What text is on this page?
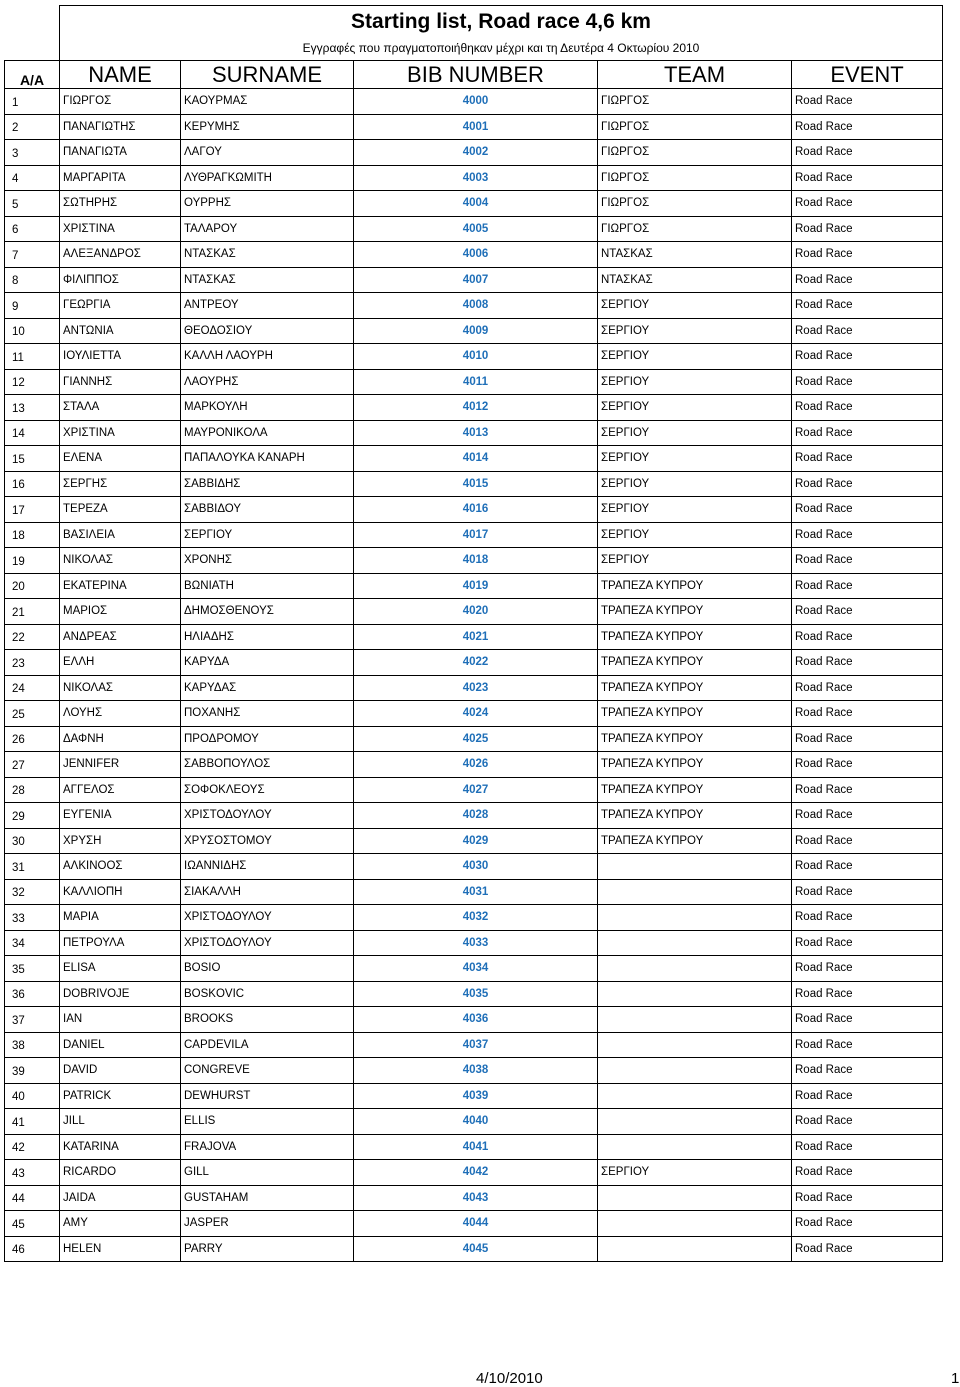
	Starting list, Road race 4,6 km				
	Εγγραφές που πραγματοποιήθηκαν μέχρι και τη Δευτέρα 4 Οκτωρίου 2010				
A/A	NAME	SURNAME	BIB NUMBER	TEAM	EVENT
1	ΓΙΩΡΓΟΣ	ΚΑΟΥΡΜΑΣ	4000	ΓΙΩΡΓΟΣ	Road Race
2	ΠΑΝΑΓΙΩΤΗΣ	ΚΕΡΥΜΗΣ	4001	ΓΙΩΡΓΟΣ	Road Race
3	ΠΑΝΑΓΙΩΤΑ	ΛΑΓΟΥ	4002	ΓΙΩΡΓΟΣ	Road Race
4	ΜΑΡΓΑΡΙΤΑ	ΛΥΘΡΑΓΚΩΜΙΤΗ	4003	ΓΙΩΡΓΟΣ	Road Race
5	ΣΩΤΗΡΗΣ	ΟΥΡΡΗΣ	4004	ΓΙΩΡΓΟΣ	Road Race
6	ΧΡΙΣΤΙΝΑ	ΤΑΛΑΡΟΥ	4005	ΓΙΩΡΓΟΣ	Road Race
7	ΑΛΕΞΑΝΔΡΟΣ	ΝΤΑΣΚΑΣ	4006	ΝΤΑΣΚΑΣ	Road Race
8	ΦΙΛΙΠΠΟΣ	ΝΤΑΣΚΑΣ	4007	ΝΤΑΣΚΑΣ	Road Race
9	ΓΕΩΡΓΙΑ	ΑΝΤΡΕΟΥ	4008	ΣΕΡΓΙΟΥ	Road Race
10	ΑΝΤΩΝΙΑ	ΘΕΟΔΟΣΙΟΥ	4009	ΣΕΡΓΙΟΥ	Road Race
11	ΙΟΥΛΙΕΤΤΑ	ΚΑΛΛΗ ΛΑΟΥΡΗ	4010	ΣΕΡΓΙΟΥ	Road Race
12	ΓΙΑΝΝΗΣ	ΛΑΟΥΡΗΣ	4011	ΣΕΡΓΙΟΥ	Road Race
13	ΣΤΑΛΑ	ΜΑΡΚΟΥΛΗ	4012	ΣΕΡΓΙΟΥ	Road Race
14	ΧΡΙΣΤΙΝΑ	ΜΑΥΡΟΝΙΚΟΛΑ	4013	ΣΕΡΓΙΟΥ	Road Race
15	ΕΛΕΝΑ	ΠΑΠΑΛΟΥΚΑ ΚΑΝΑΡΗ	4014	ΣΕΡΓΙΟΥ	Road Race
16	ΣΕΡΓΗΣ	ΣΑΒΒΙΔΗΣ	4015	ΣΕΡΓΙΟΥ	Road Race
17	ΤΕΡΕΖΑ	ΣΑΒΒΙΔΟΥ	4016	ΣΕΡΓΙΟΥ	Road Race
18	ΒΑΣΙΛΕΙΑ	ΣΕΡΓΙΟΥ	4017	ΣΕΡΓΙΟΥ	Road Race
19	ΝΙΚΟΛΑΣ	ΧΡΟΝΗΣ	4018	ΣΕΡΓΙΟΥ	Road Race
20	ΕΚΑΤΕΡΙΝΑ	ΒΩΝΙΑΤΗ	4019	ΤΡΑΠΕΖΑ ΚΥΠΡΟΥ	Road Race
21	ΜΑΡΙΟΣ	ΔΗΜΟΣΘΕΝΟΥΣ	4020	ΤΡΑΠΕΖΑ ΚΥΠΡΟΥ	Road Race
22	ΑΝΔΡΕΑΣ	ΗΛΙΑΔΗΣ	4021	ΤΡΑΠΕΖΑ ΚΥΠΡΟΥ	Road Race
23	ΕΛΛΗ	ΚΑΡΥΔΑ	4022	ΤΡΑΠΕΖΑ ΚΥΠΡΟΥ	Road Race
24	ΝΙΚΟΛΑΣ	ΚΑΡΥΔΑΣ	4023	ΤΡΑΠΕΖΑ ΚΥΠΡΟΥ	Road Race
25	ΛΟΥΗΣ	ΠΟΧΑΝΗΣ	4024	ΤΡΑΠΕΖΑ ΚΥΠΡΟΥ	Road Race
26	ΔΑΦΝΗ	ΠΡΟΔΡΟΜΟΥ	4025	ΤΡΑΠΕΖΑ ΚΥΠΡΟΥ	Road Race
27	JENNIFER	ΣΑΒΒΟΠΟΥΛΟΣ	4026	ΤΡΑΠΕΖΑ ΚΥΠΡΟΥ	Road Race
28	ΑΓΓΕΛΟΣ	ΣΟΦΟΚΛΕΟΥΣ	4027	ΤΡΑΠΕΖΑ ΚΥΠΡΟΥ	Road Race
29	ΕΥΓΕΝΙΑ	ΧΡΙΣΤΟΔΟΥΛΟΥ	4028	ΤΡΑΠΕΖΑ ΚΥΠΡΟΥ	Road Race
30	ΧΡΥΣΗ	ΧΡΥΣΟΣΤΟΜΟΥ	4029	ΤΡΑΠΕΖΑ ΚΥΠΡΟΥ	Road Race
31	ΑΛΚΙΝΟΟΣ	ΙΩΑΝΝΙΔΗΣ	4030		Road Race
32	ΚΑΛΛΙΟΠΗ	ΣΙΑΚΑΛΛΗ	4031		Road Race
33	ΜΑΡΙΑ	ΧΡΙΣΤΟΔΟΥΛΟΥ	4032		Road Race
34	ΠΕΤΡΟΥΛΑ	ΧΡΙΣΤΟΔΟΥΛΟΥ	4033		Road Race
35	ELISA	BOSIO	4034		Road Race
36	DOBRIVOJE	BOSKOVIC	4035		Road Race
37	IAN	BROOKS	4036		Road Race
38	DANIEL	CAPDEVILA	4037		Road Race
39	DAVID	CONGREVE	4038		Road Race
40	PATRICK	DEWHURST	4039		Road Race
41	JILL	ELLIS	4040		Road Race
42	KATARINA	FRAJOVA	4041		Road Race
43	RICARDO	GILL	4042	ΣΕΡΓΙΟΥ	Road Race
44	JAIDA	GUSTAHAM	4043		Road Race
45	AMY	JASPER	4044		Road Race
46	HELEN	PARRY	4045		Road Race
4/10/2010	1
